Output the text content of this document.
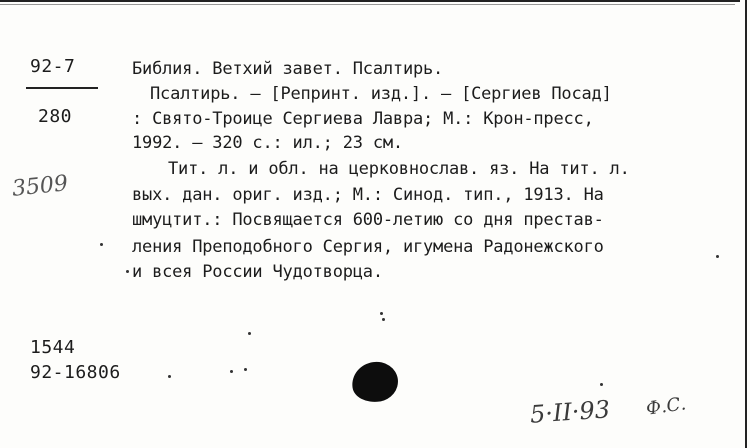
92-7
280
3509
Библия. Ветхий завет. Псалтирь.
Псалтирь. – [Репринт. изд.]. – [Сергиев Посад]
: Свято-Троице Сергиева Лавра; М.: Крон-пресс,
1992. – 320 с.: ил.; 23 см.
Тит. л. и обл. на церковнослав. яз. На тит. л.
вых. дан. ориг. изд.; М.: Синод. тип., 1913. На
шмуцтит.: Посвящается 600-летию со дня престав-
ления Преподобного Сергия, игумена Радонежского
и всея России Чудотворца.
1544
92-16806
5·II·93 Ф.С.
